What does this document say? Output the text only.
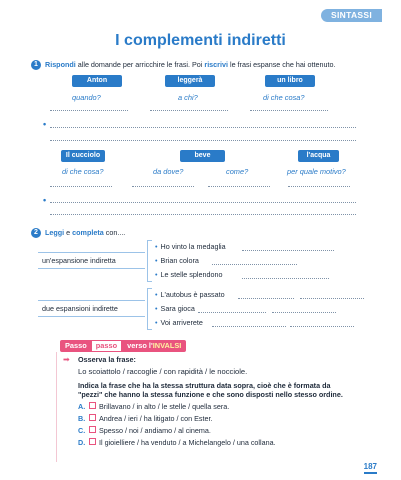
SINTASSI
I complementi indiretti
1 Rispondi alle domande per arricchire le frasi. Poi riscrivi le frasi espanse che hai ottenuto.
Anton	leggerà	un libro
quando?	a chi?	di che cosa?
•
Il cucciolo	beve	l'acqua
di che cosa?	da dove?	come?	per quale motivo?
•
2 Leggi e completa con....
un'espansione indiretta
• Ho vinto la medaglia
• Brian colora
• Le stelle splendono
due espansioni indirette
• L'autobus è passato
• Sara gioca
• Voi arriverete
Passo	passo	verso l'INVALSI
➡ Osserva la frase:
Lo scoiattolo / raccoglie / con rapidità / le nocciole.
Indica la frase che ha la stessa struttura data sopra, cioè che è formata da
"pezzi" che hanno la stessa funzione e che sono disposti nello stesso ordine.
A. Brillavano / in alto / le stelle / quella sera.
B. Andrea / ieri / ha litigato / con Ester.
C. Spesso / noi / andiamo / al cinema.
D. Il gioielliere / ha venduto / a Michelangelo / una collana.
187
